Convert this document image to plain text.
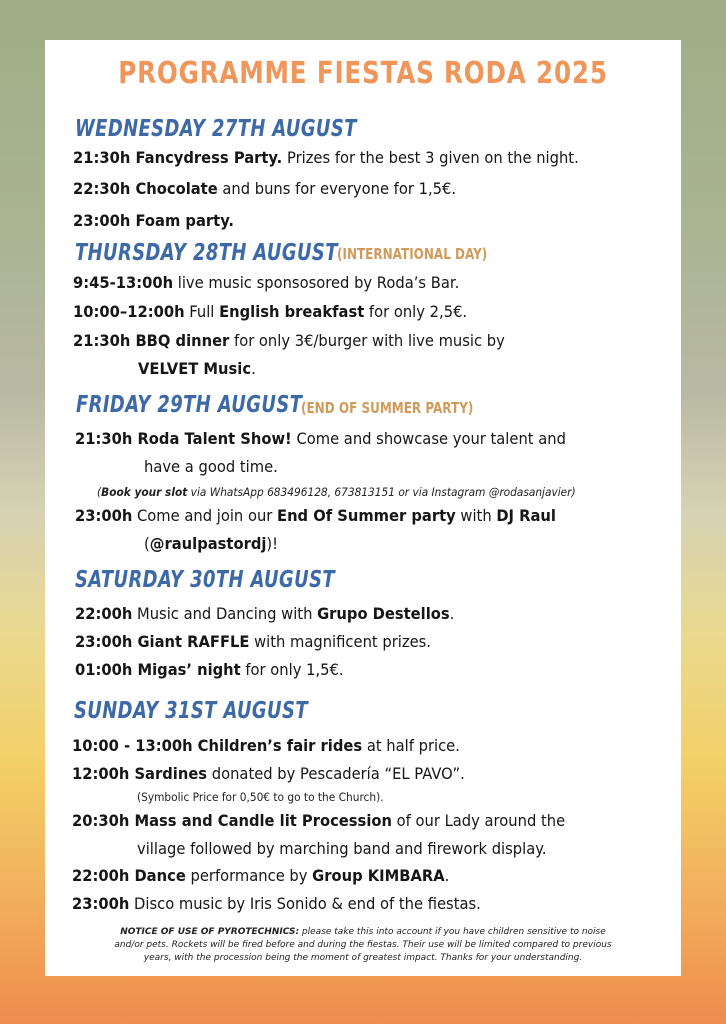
PROGRAMME FIESTAS RODA 2025
WEDNESDAY 27TH AUGUST
21:30h Fancydress Party. Prizes for the best 3 given on the night.
22:30h Chocolate and buns for everyone for 1,5€.
23:00h Foam party.
THURSDAY 28TH AUGUST (INTERNATIONAL DAY)
9:45-13:00h live music sponsosored by Roda’s Bar.
10:00–12:00h Full English breakfast for only 2,5€.
21:30h BBQ dinner for only 3€/burger with live music by
VELVET Music.
FRIDAY 29TH AUGUST
(END OF SUMMER PARTY)
21:30h Roda Talent Show! Come and showcase your talent and
have a good time.
(Book your slot via WhatsApp 683496128, 673813151 or via Instagram @rodasanjavier)
23:00h Come and join our End Of Summer party with DJ Raul
(@raulpastordj)!
SATURDAY 30TH AUGUST
22:00h Music and Dancing with Grupo Destellos.
23:00h Giant RAFFLE with magnificent prizes.
01:00h Migas’ night for only 1,5€.
SUNDAY 31ST AUGUST
10:00 - 13:00h Children’s fair rides at half price.
12:00h Sardines donated by Pescadería “EL PAVO”.
(Symbolic Price for 0,50€ to go to the Church).
20:30h Mass and Candle lit Procession of our Lady around the
village followed by marching band and firework display.
22:00h Dance performance by Group KIMBARA.
23:00h Disco music by Iris Sonido & end of the fiestas.
NOTICE OF USE OF PYROTECHNICS: please take this into account if you have children sensitive to noise
and/or pets. Rockets will be fired before and during the fiestas. Their use will be limited compared to previous
years, with the procession being the moment of greatest impact. Thanks for your understanding.
